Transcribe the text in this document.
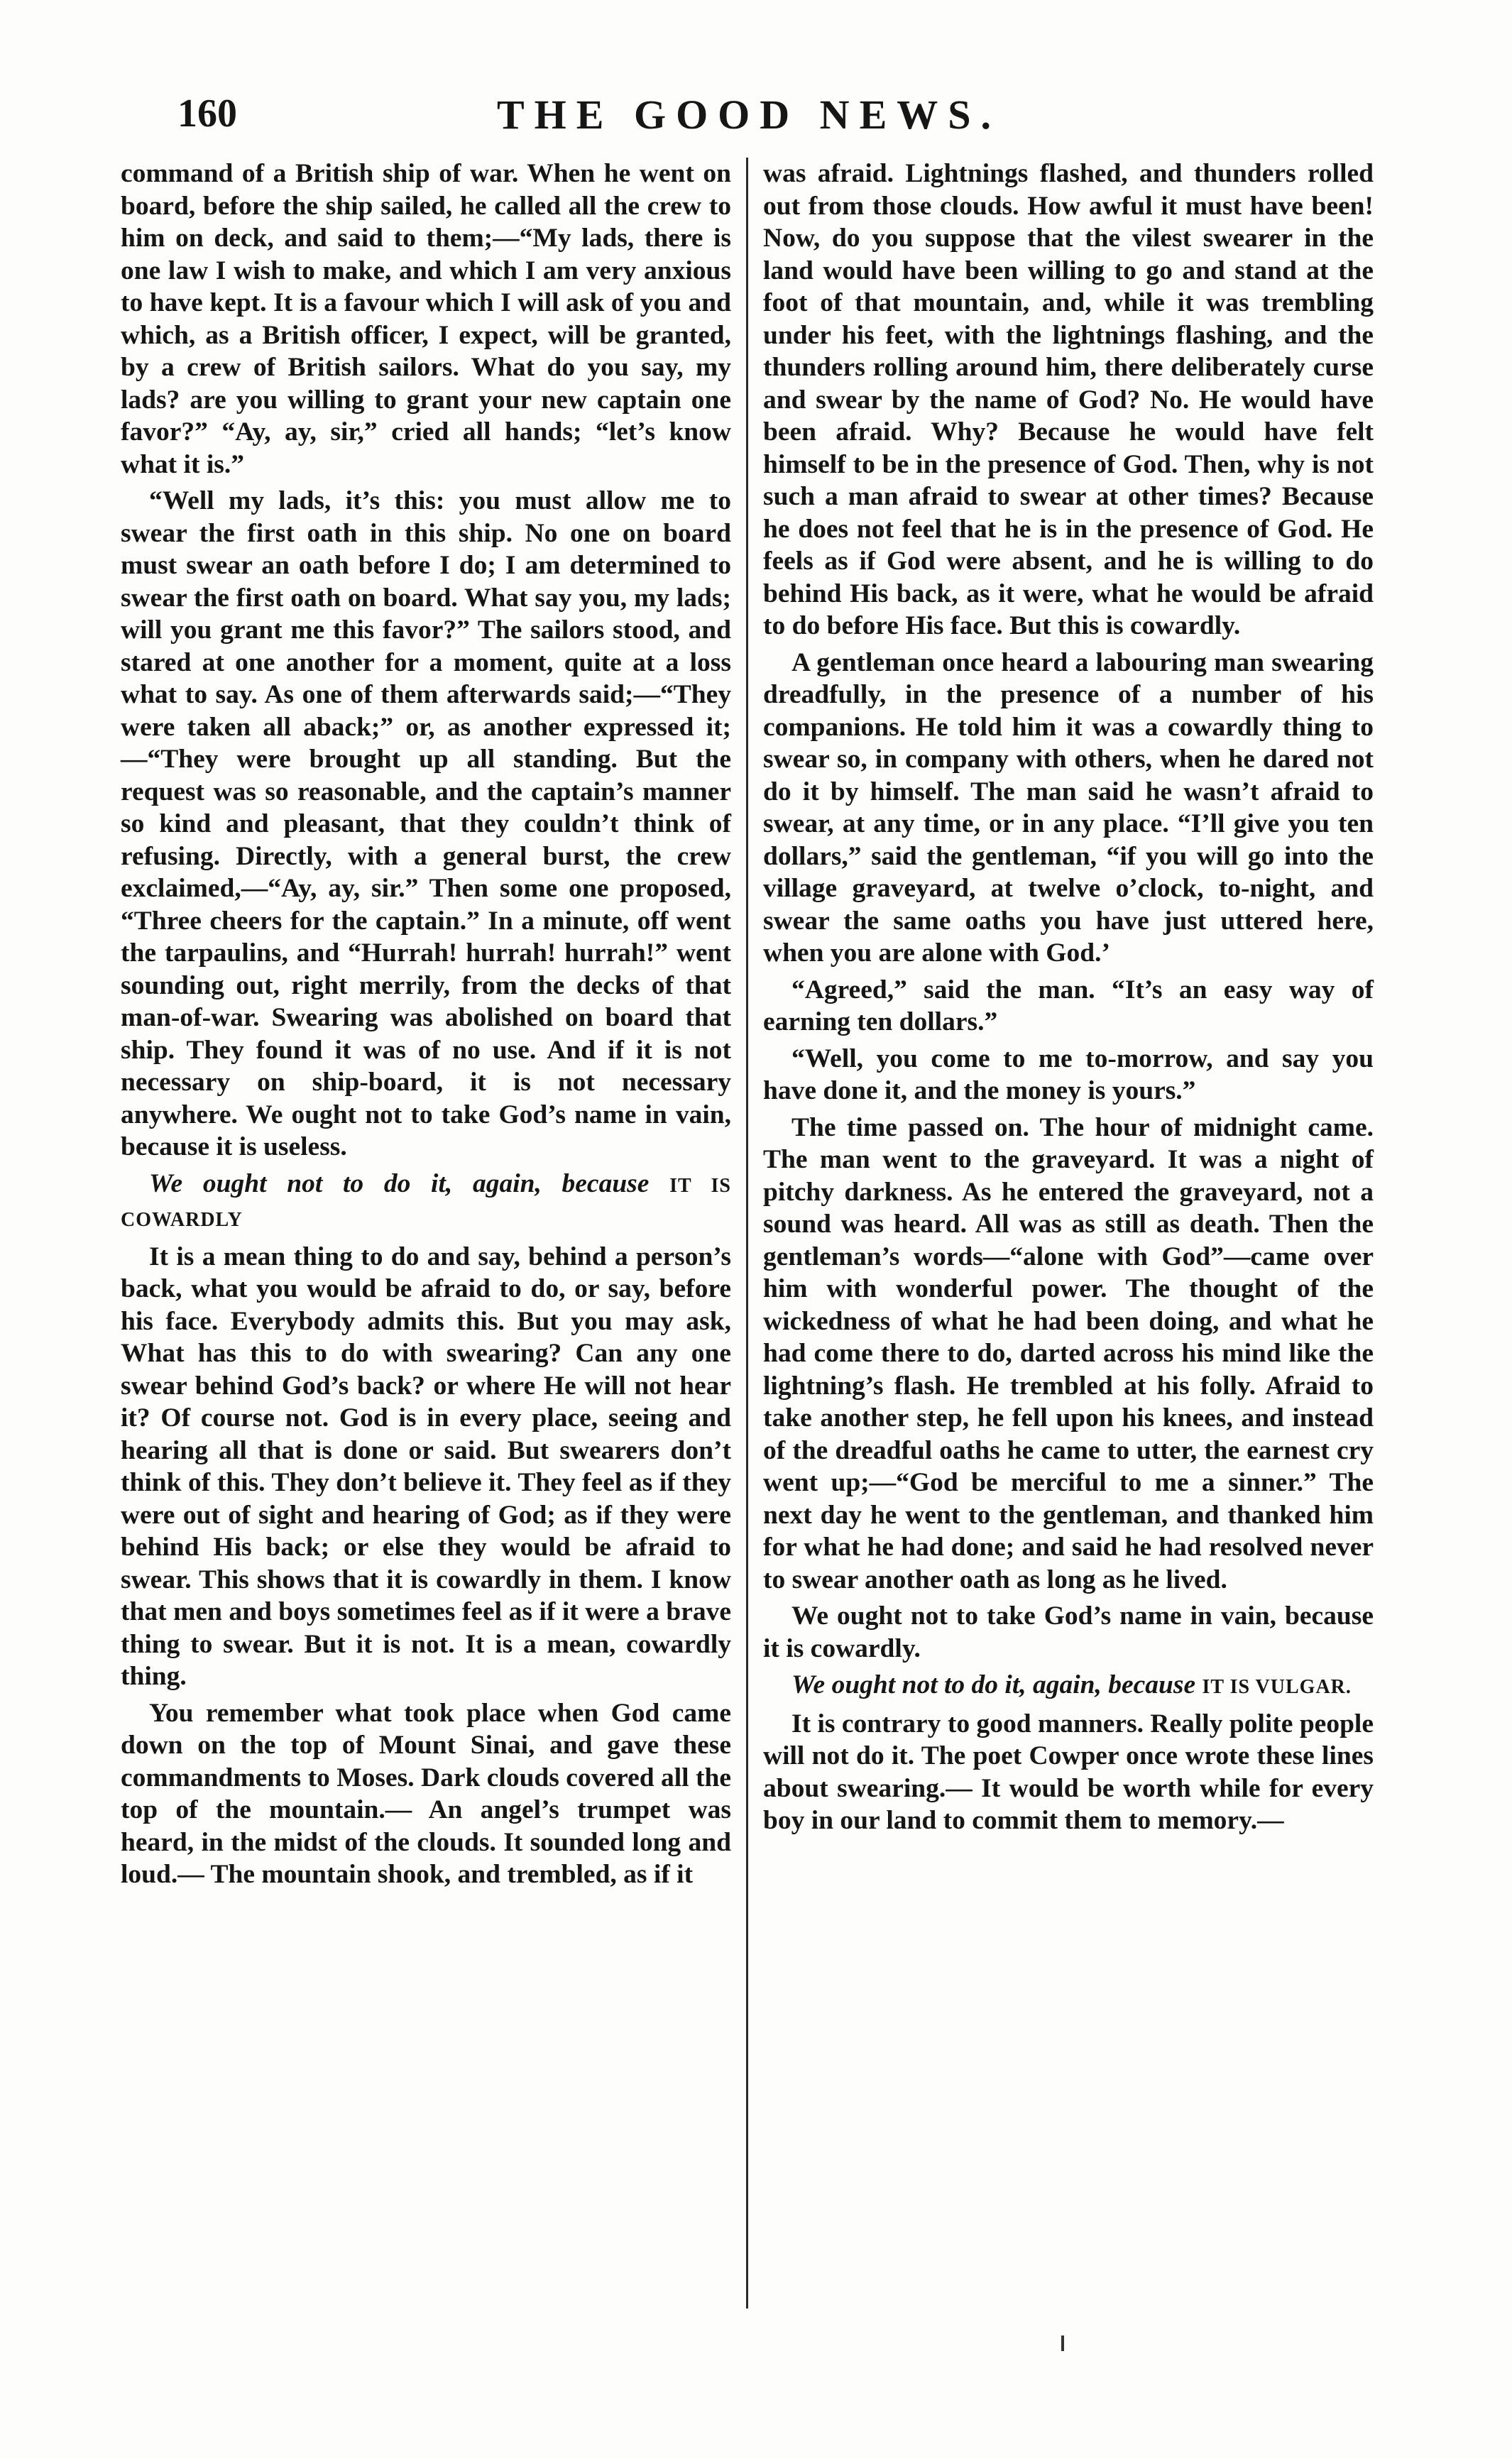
160	THE GOOD NEWS.

command of a British ship of war. When he went on board, before the ship sailed, he called all the crew to him on deck, and said to them;—“My lads, there is one law I wish to make, and which I am very anxious to have kept. It is a favour which I will ask of you and which, as a British officer, I expect, will be granted, by a crew of British sailors. What do you say, my lads? are you willing to grant your new captain one favor?” “Ay, ay, sir,” cried all hands; “let’s know what it is.”

“Well my lads, it’s this: you must allow me to swear the first oath in this ship. No one on board must swear an oath before I do; I am determined to swear the first oath on board. What say you, my lads; will you grant me this favor?” The sailors stood, and stared at one another for a moment, quite at a loss what to say. As one of them afterwards said;—“They were taken all aback;” or, as another expressed it;—“They were brought up all standing. But the request was so reasonable, and the captain’s manner so kind and pleasant, that they couldn’t think of refusing. Directly, with a general burst, the crew exclaimed,—“Ay, ay, sir.” Then some one proposed, “Three cheers for the captain.” In a minute, off went the tarpaulins, and “Hurrah! hurrah! hurrah!” went sounding out, right merrily, from the decks of that man-of-war. Swearing was abolished on board that ship. They found it was of no use. And if it is not necessary on ship-board, it is not necessary anywhere. We ought not to take God’s name in vain, because it is useless.

We ought not to do it, again, because IT IS COWARDLY

It is a mean thing to do and say, behind a person’s back, what you would be afraid to do, or say, before his face. Everybody admits this. But you may ask, What has this to do with swearing? Can any one swear behind God’s back? or where He will not hear it? Of course not. God is in every place, seeing and hearing all that is done or said. But swearers don’t think of this. They don’t believe it. They feel as if they were out of sight and hearing of God; as if they were behind His back; or else they would be afraid to swear. This shows that it is cowardly in them. I know that men and boys sometimes feel as if it were a brave thing to swear. But it is not. It is a mean, cowardly thing.

You remember what took place when God came down on the top of Mount Sinai, and gave these commandments to Moses. Dark clouds covered all the top of the mountain.— An angel’s trumpet was heard, in the midst of the clouds. It sounded long and loud.— The mountain shook, and trembled, as if it

was afraid. Lightnings flashed, and thunders rolled out from those clouds. How awful it must have been! Now, do you suppose that the vilest swearer in the land would have been willing to go and stand at the foot of that mountain, and, while it was trembling under his feet, with the lightnings flashing, and the thunders rolling around him, there deliberately curse and swear by the name of God? No. He would have been afraid. Why? Because he would have felt himself to be in the presence of God. Then, why is not such a man afraid to swear at other times? Because he does not feel that he is in the presence of God. He feels as if God were absent, and he is willing to do behind His back, as it were, what he would be afraid to do before His face. But this is cowardly.

A gentleman once heard a labouring man swearing dreadfully, in the presence of a number of his companions. He told him it was a cowardly thing to swear so, in company with others, when he dared not do it by himself. The man said he wasn’t afraid to swear, at any time, or in any place. “I’ll give you ten dollars,” said the gentleman, “if you will go into the village graveyard, at twelve o’clock, to-night, and swear the same oaths you have just uttered here, when you are alone with God.’

“Agreed,” said the man. “It’s an easy way of earning ten dollars.”

“Well, you come to me to-morrow, and say you have done it, and the money is yours.”

The time passed on. The hour of midnight came. The man went to the graveyard. It was a night of pitchy darkness. As he entered the graveyard, not a sound was heard. All was as still as death. Then the gentleman’s words—“alone with God”—came over him with wonderful power. The thought of the wickedness of what he had been doing, and what he had come there to do, darted across his mind like the lightning’s flash. He trembled at his folly. Afraid to take another step, he fell upon his knees, and instead of the dreadful oaths he came to utter, the earnest cry went up;—“God be merciful to me a sinner.” The next day he went to the gentleman, and thanked him for what he had done; and said he had resolved never to swear another oath as long as he lived.

We ought not to take God’s name in vain, because it is cowardly.

We ought not to do it, again, because IT IS VULGAR.

It is contrary to good manners. Really polite people will not do it. The poet Cowper once wrote these lines about swearing.— It would be worth while for every boy in our land to commit them to memory.—
